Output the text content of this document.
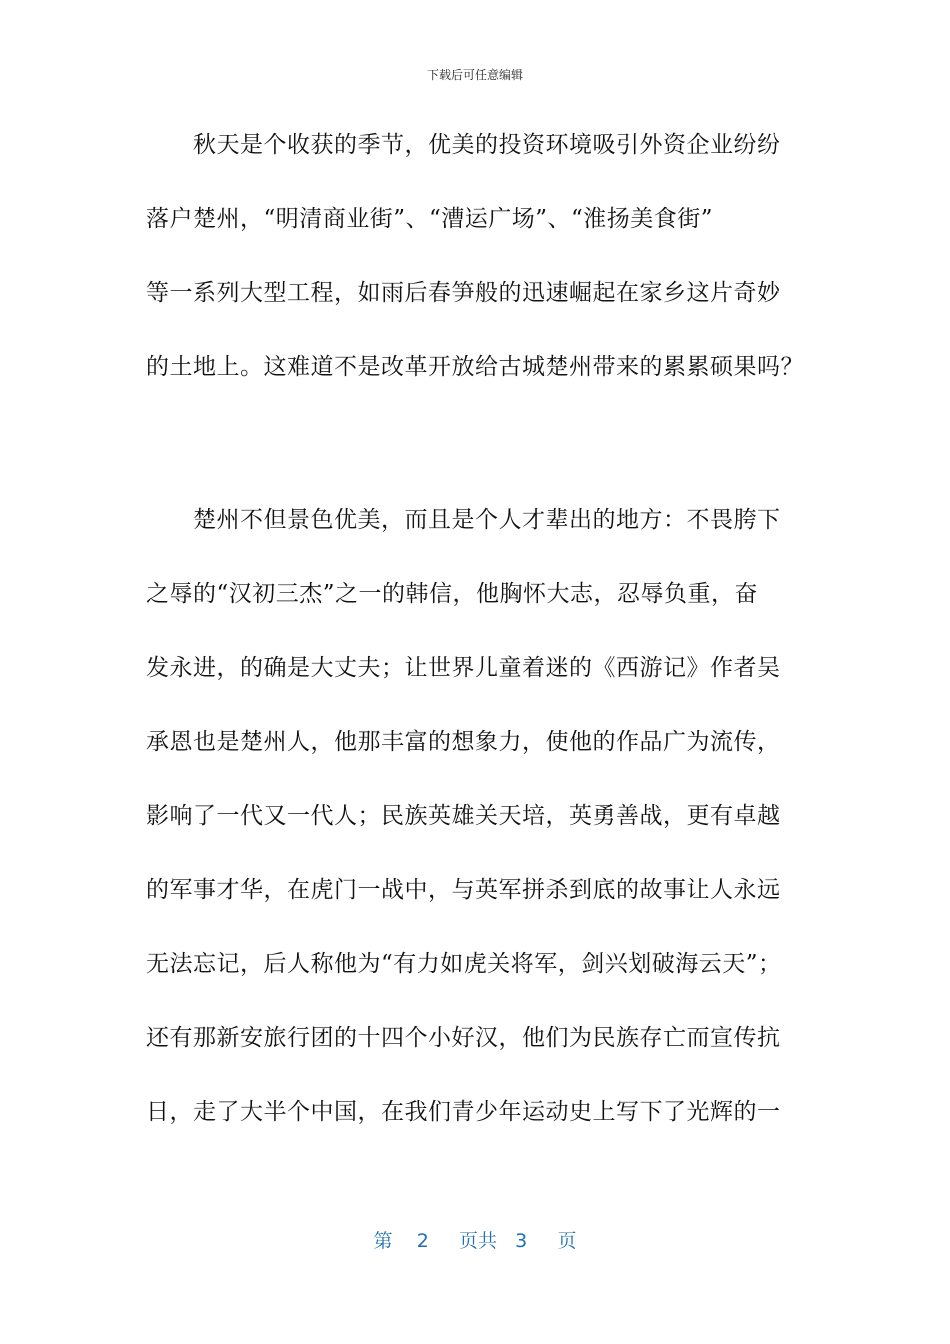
下载后可任意编辑
　　秋天是个收获的季节，优美的投资环境吸引外资企业纷纷
落户楚州，“明清商业街”、“漕运广场”、“淮扬美食街”
等一系列大型工程，如雨后春笋般的迅速崛起在家乡这片奇妙
的土地上。这难道不是改革开放给古城楚州带来的累累硕果吗？
　　楚州不但景色优美，而且是个人才辈出的地方：不畏胯下
之辱的“汉初三杰”之一的韩信，他胸怀大志，忍辱负重，奋
发永进，的确是大丈夫；让世界儿童着迷的《西游记》作者吴
承恩也是楚州人，他那丰富的想象力，使他的作品广为流传，
影响了一代又一代人；民族英雄关天培，英勇善战，更有卓越
的军事才华，在虎门一战中，与英军拼杀到底的故事让人永远
无法忘记，后人称他为“有力如虎关将军，剑兴划破海云天”；
还有那新安旅行团的十四个小好汉，他们为民族存亡而宣传抗
日，走了大半个中国，在我们青少年运动史上写下了光辉的一
第 2 页共 3 页
